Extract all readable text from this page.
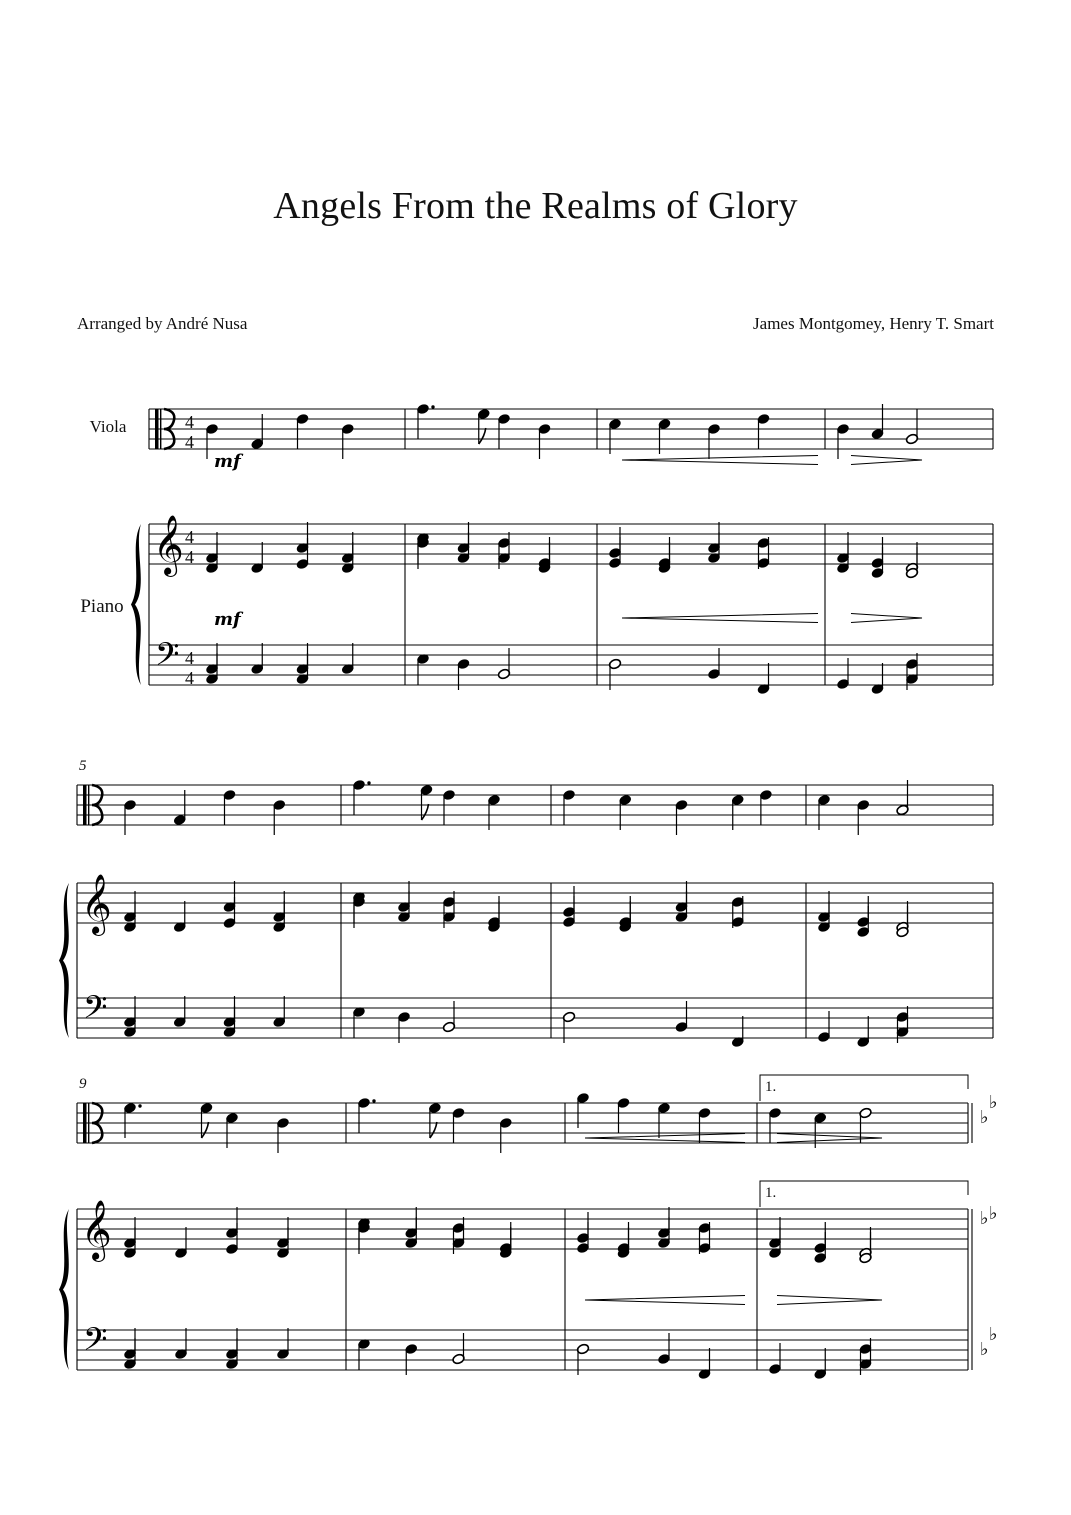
Angels From the Realms of Glory
Arranged by André Nusa	James Montgomey, Henry T. Smart
𝄞
𝄢
4
4
4
4
4
4
𝄞
𝄢
5
𝄞
𝄢
9
♭
♭
♭ ♭
♭
♭
Viola
Piano
mf
mf
1.
1.
